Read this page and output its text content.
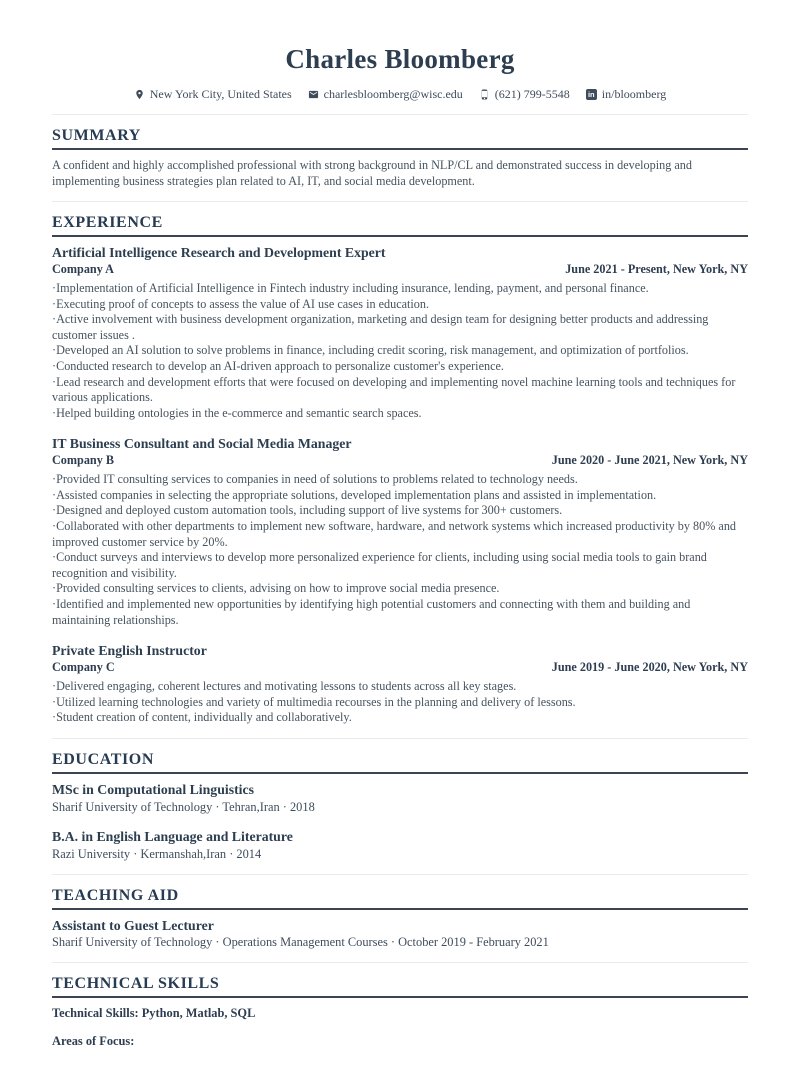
Charles Bloomberg
New York City, United States	charlesbloomberg@wisc.edu	(621) 799-5548 in in/bloomberg
SUMMARY

A confident and highly accomplished professional with strong background in NLP/CL and demonstrated success in developing and implementing business strategies plan related to AI, IT, and social media development.

EXPERIENCE
Artificial Intelligence Research and Development Expert
Company A	June 2021 - Present, New York, NY

· Implementation of Artificial Intelligence in Fintech industry including insurance, lending, payment, and personal finance.

· Executing proof of concepts to assess the value of AI use cases in education.

· Active involvement with business development organization, marketing and design team for designing better products and addressing customer issues .

· Developed an AI solution to solve problems in finance, including credit scoring, risk management, and optimization of portfolios.

· Conducted research to develop an AI-driven approach to personalize customer's experience.

· Lead research and development efforts that were focused on developing and implementing novel machine learning tools and techniques for various applications.

· Helped building ontologies in the e-commerce and semantic search spaces.

IT Business Consultant and Social Media Manager
Company B	June 2020 - June 2021, New York, NY

· Provided IT consulting services to companies in need of solutions to problems related to technology needs.

· Assisted companies in selecting the appropriate solutions, developed implementation plans and assisted in implementation.

· Designed and deployed custom automation tools, including support of live systems for 300+ customers.

· Collaborated with other departments to implement new software, hardware, and network systems which increased productivity by 80% and improved customer service by 20%.

· Conduct surveys and interviews to develop more personalized experience for clients, including using social media tools to gain brand recognition and visibility.

· Provided consulting services to clients, advising on how to improve social media presence.

· Identified and implemented new opportunities by identifying high potential customers and connecting with them and building and maintaining relationships.

Private English Instructor
Company C	June 2019 - June 2020, New York, NY

· Delivered engaging, coherent lectures and motivating lessons to students across all key stages.

· Utilized learning technologies and variety of multimedia recourses in the planning and delivery of lessons.

· Student creation of content, individually and collaboratively.

EDUCATION
MSc in Computational Linguistics

Sharif University of Technology · Tehran,Iran · 2018

B.A. in English Language and Literature

Razi University · Kermanshah,Iran · 2014

TEACHING AID
Assistant to Guest Lecturer

Sharif University of Technology · Operations Management Courses · October 2019 - February 2021

TECHNICAL SKILLS

Technical Skills: Python, Matlab, SQL

Areas of Focus:
